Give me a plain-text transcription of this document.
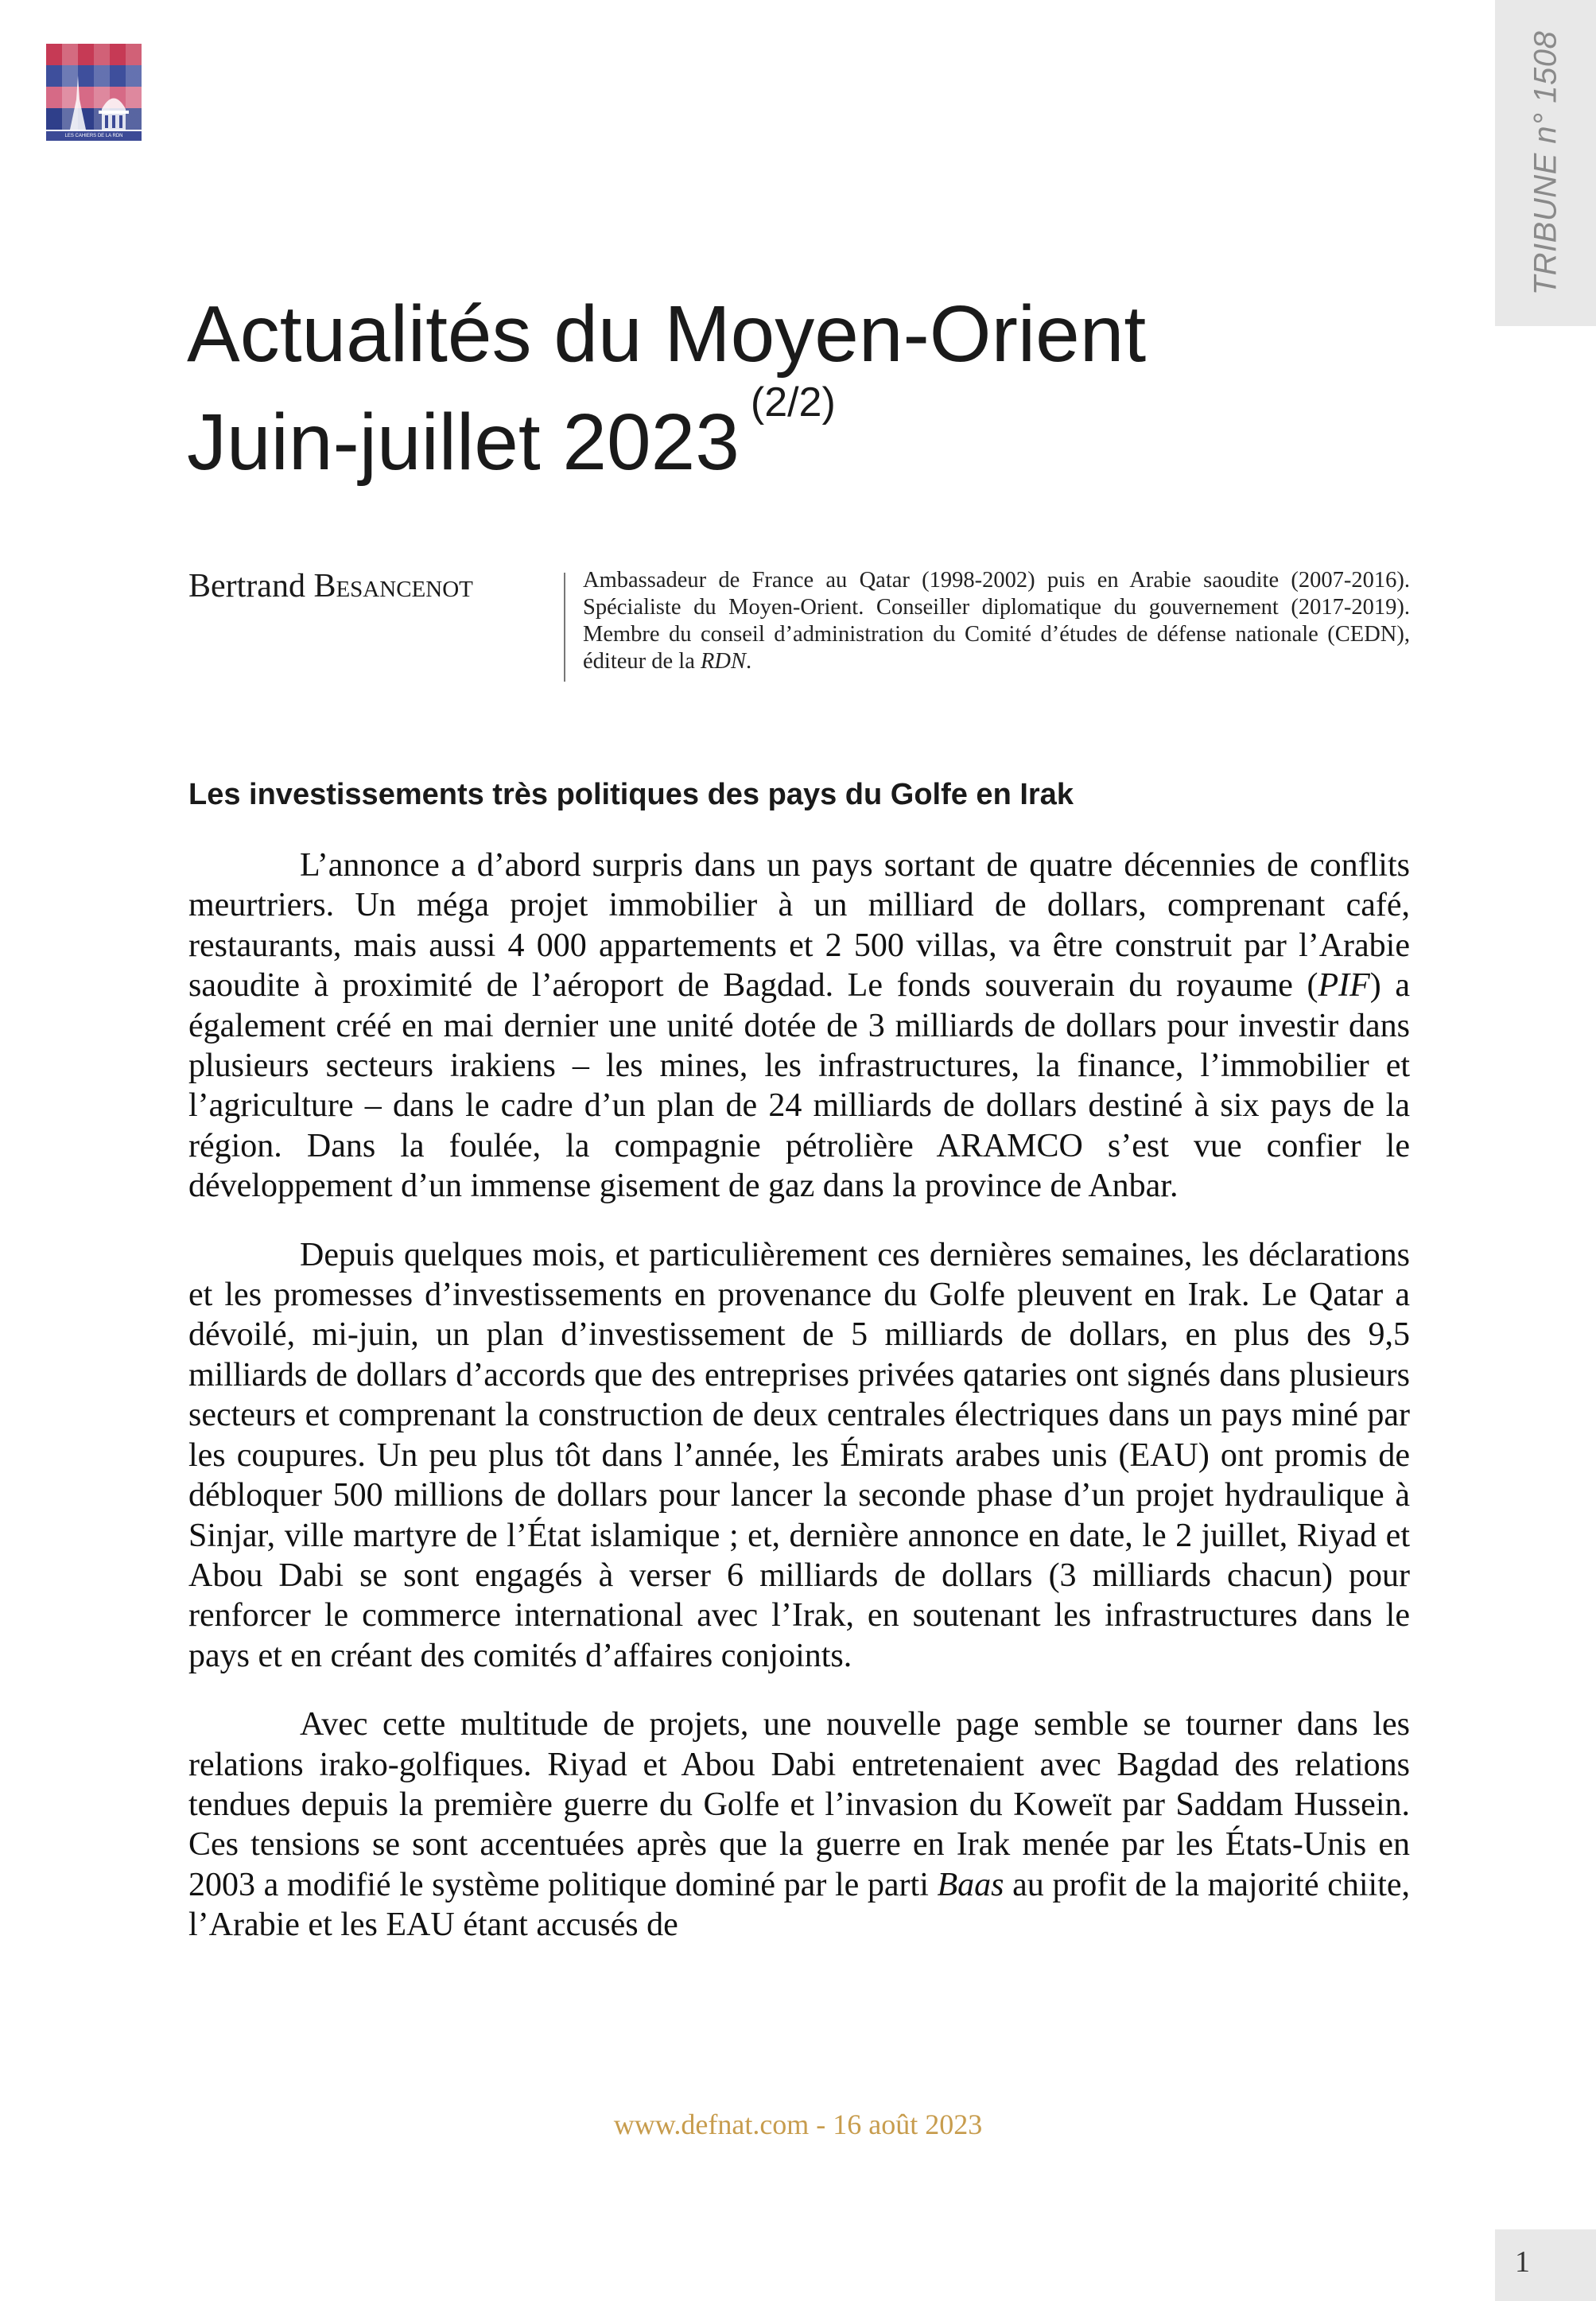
LES CAHIERS DE LA RDN	TRIBUNE n° 1508
Actualités du Moyen-Orient
Juin-juillet 2023 $^{(2/2)}$
Bertrand Besancenot	Ambassadeur de France au Qatar (1998-2002) puis en Arabie saoudite (2007-2016). Spécialiste du Moyen-Orient. Conseiller diplomatique du gouvernement (2017-2019). Membre du conseil d’administration du Comité d’études de défense nationale (CEDN), éditeur de la RDN.
Les investissements très politiques des pays du Golfe en Irak

L’annonce a d’abord surpris dans un pays sortant de quatre décennies de conflits meurtriers. Un méga projet immobilier à un milliard de dollars, comprenant café, restaurants, mais aussi 4 000 appartements et 2 500 villas, va être construit par l’Arabie saoudite à proximité de l’aéroport de Bagdad. Le fonds souverain du royaume (PIF) a également créé en mai dernier une unité dotée de 3 milliards de dollars pour investir dans plusieurs secteurs irakiens – les mines, les infrastructures, la finance, l’immobilier et l’agriculture – dans le cadre d’un plan de 24 milliards de dollars destiné à six pays de la région. Dans la foulée, la compagnie pétrolière ARAMCO s’est vue confier le développement d’un immense gisement de gaz dans la province de Anbar.

Depuis quelques mois, et particulièrement ces dernières semaines, les déclarations et les promesses d’investissements en provenance du Golfe pleuvent en Irak. Le Qatar a dévoilé, mi-juin, un plan d’investissement de 5 milliards de dollars, en plus des 9,5 milliards de dollars d’accords que des entreprises privées qataries ont signés dans plusieurs secteurs et comprenant la construction de deux centrales électriques dans un pays miné par les coupures. Un peu plus tôt dans l’année, les Émirats arabes unis (EAU) ont promis de débloquer 500 millions de dollars pour lancer la seconde phase d’un projet hydraulique à Sinjar, ville martyre de l’État islamique ; et, dernière annonce en date, le 2 juillet, Riyad et Abou Dabi se sont engagés à verser 6 milliards de dollars (3 milliards chacun) pour renforcer le commerce international avec l’Irak, en soutenant les infrastructures dans le pays et en créant des comités d’affaires conjoints.

Avec cette multitude de projets, une nouvelle page semble se tourner dans les relations irako-golfiques. Riyad et Abou Dabi entretenaient avec Bagdad des relations tendues depuis la première guerre du Golfe et l’invasion du Koweït par Saddam Hussein. Ces tensions se sont accentuées après que la guerre en Irak menée par les États-Unis en 2003 a modifié le système politique dominé par le parti Baas au profit de la majorité chiite, l’Arabie et les EAU étant accusés de

www.defnat.com - 16 août 2023
1
